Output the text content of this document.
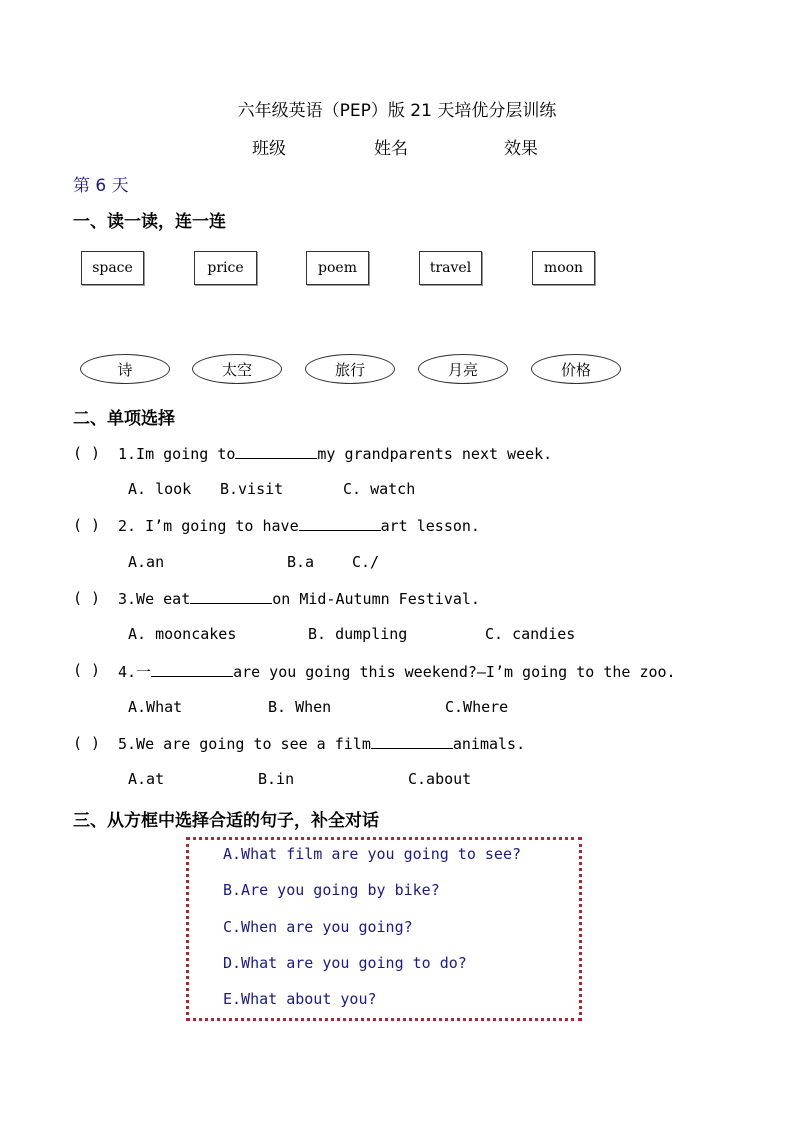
六年级英语（PEP）版 21 天培优分层训练
班级	姓名	效果
第 6 天
一、读一读，连一连
space	price	poem	travel	moon
诗	太空	旅行	月亮	价格
二、单项选择
( ) 1.Im going to	my grandparents next week.
A. look B.visit	C. watch
( ) 2. I’m going to have	art lesson.
A.an	B.a	C./
( ) 3.We eat	on Mid-Autumn Festival.
A. mooncakes	B. dumpling	C. candies
( ) 4.一	are you going this weekend?—I’m going to the zoo.
A.What	B. When	C.Where
( ) 5.We are going to see a film	animals.
A.at	B.in	C.about
三、从方框中选择合适的句子，补全对话
A.What film are you going to see?
B.Are you going by bike?
C.When are you going?
D.What are you going to do?
E.What about you?
